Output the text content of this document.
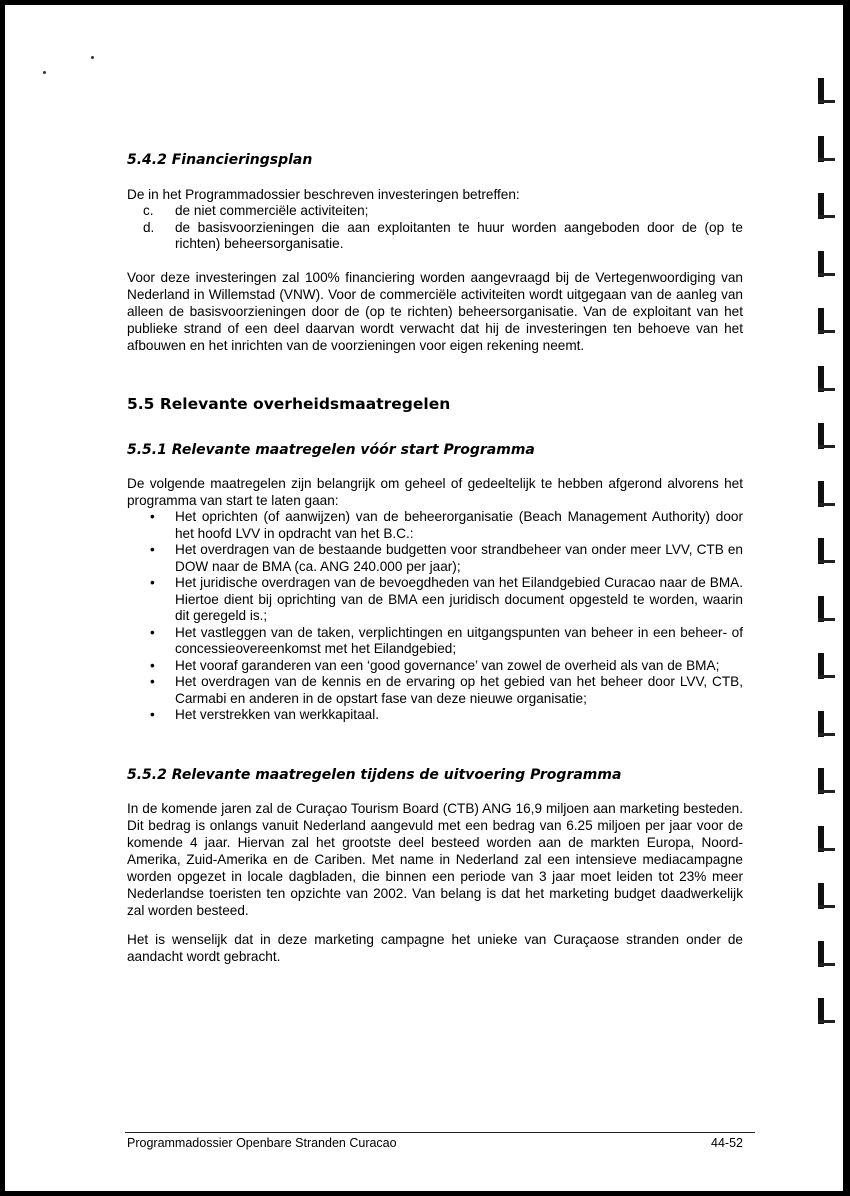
5.4.2 Financieringsplan

De in het Programmadossier beschreven investeringen betreffen:

c. de niet commerciële activiteiten;
d. de basisvoorzieningen die aan exploitanten te huur worden aangeboden door de (op te richten) beheersorganisatie.

Voor deze investeringen zal 100% financiering worden aangevraagd bij de Vertegenwoordiging van Nederland in Willemstad (VNW). Voor de commerciële activiteiten wordt uitgegaan van de aanleg van alleen de basisvoorzieningen door de (op te richten) beheersorganisatie. Van de exploitant van het publieke strand of een deel daarvan wordt verwacht dat hij de investeringen ten behoeve van het afbouwen en het inrichten van de voorzieningen voor eigen rekening neemt.

5.5 Relevante overheidsmaatregelen
5.5.1 Relevante maatregelen vóór start Programma

De volgende maatregelen zijn belangrijk om geheel of gedeeltelijk te hebben afgerond alvorens het programma van start te laten gaan:

• Het oprichten (of aanwijzen) van de beheerorganisatie (Beach Management Authority) door het hoofd LVV in opdracht van het B.C.:
• Het overdragen van de bestaande budgetten voor strandbeheer van onder meer LVV, CTB en DOW naar de BMA (ca. ANG 240.000 per jaar);
• Het juridische overdragen van de bevoegdheden van het Eilandgebied Curacao naar de BMA. Hiertoe dient bij oprichting van de BMA een juridisch document opgesteld te worden, waarin dit geregeld is.;
• Het vastleggen van de taken, verplichtingen en uitgangspunten van beheer in een beheer- of concessieovereenkomst met het Eilandgebied;
• Het vooraf garanderen van een ‘good governance’ van zowel de overheid als van de BMA;
• Het overdragen van de kennis en de ervaring op het gebied van het beheer door LVV, CTB, Carmabi en anderen in de opstart fase van deze nieuwe organisatie;
• Het verstrekken van werkkapitaal.
5.5.2 Relevante maatregelen tijdens de uitvoering Programma

In de komende jaren zal de Curaçao Tourism Board (CTB) ANG 16,9 miljoen aan marketing besteden. Dit bedrag is onlangs vanuit Nederland aangevuld met een bedrag van 6.25 miljoen per jaar voor de komende 4 jaar. Hiervan zal het grootste deel besteed worden aan de markten Europa, Noord-Amerika, Zuid-Amerika en de Cariben. Met name in Nederland zal een intensieve mediacampagne worden opgezet in locale dagbladen, die binnen een periode van 3 jaar moet leiden tot 23% meer Nederlandse toeristen ten opzichte van 2002. Van belang is dat het marketing budget daadwerkelijk zal worden besteed.

Het is wenselijk dat in deze marketing campagne het unieke van Curaçaose stranden onder de aandacht wordt gebracht.

Programmadossier Openbare Stranden Curacao	44-52
